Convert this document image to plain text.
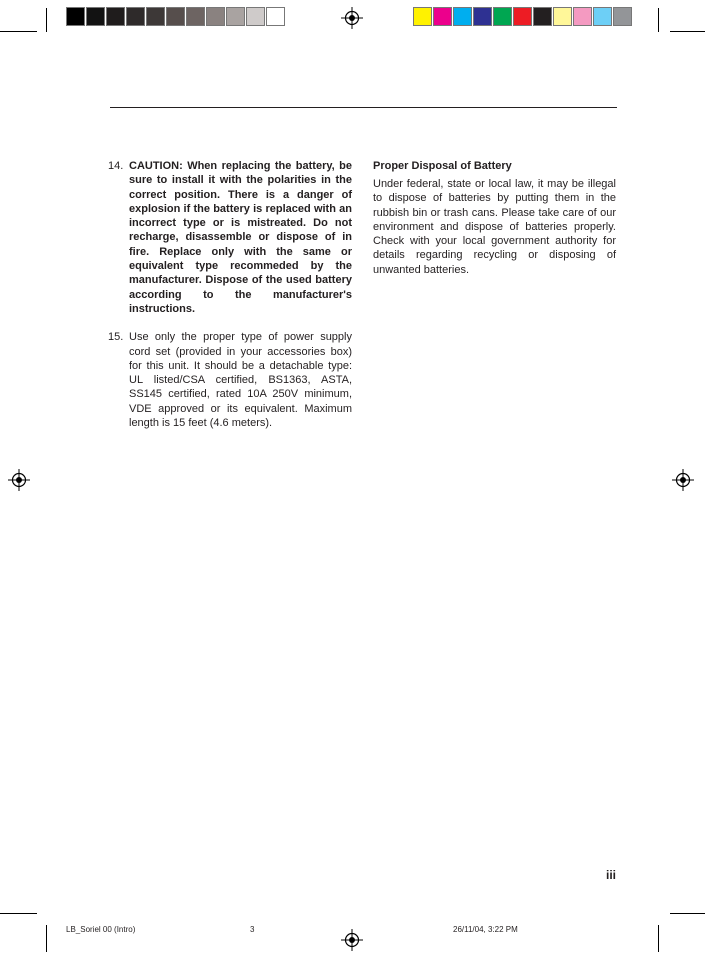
14. CAUTION: When replacing the battery, be sure to install it with the polarities in the correct position. There is a danger of explosion if the battery is replaced with an incorrect type or is mistreated. Do not recharge, disassemble or dispose of in fire. Replace only with the same or equivalent type recommeded by the manufacturer. Dispose of the used battery according to the manufacturer's instructions.
15. Use only the proper type of power supply cord set (provided in your accessories box) for this unit. It should be a detachable type: UL listed/CSA certified, BS1363, ASTA, SS145 certified, rated 10A 250V minimum, VDE approved or its equivalent. Maximum length is 15 feet (4.6 meters).
Proper Disposal of Battery
Under federal, state or local law, it may be illegal to dispose of batteries by putting them in the rubbish bin or trash cans. Please take care of our environment and dispose of batteries properly. Check with your local government authority for details regarding recycling or disposing of unwanted batteries.
iii
LB_Soriel 00 (Intro)	3	26/11/04, 3:22 PM
